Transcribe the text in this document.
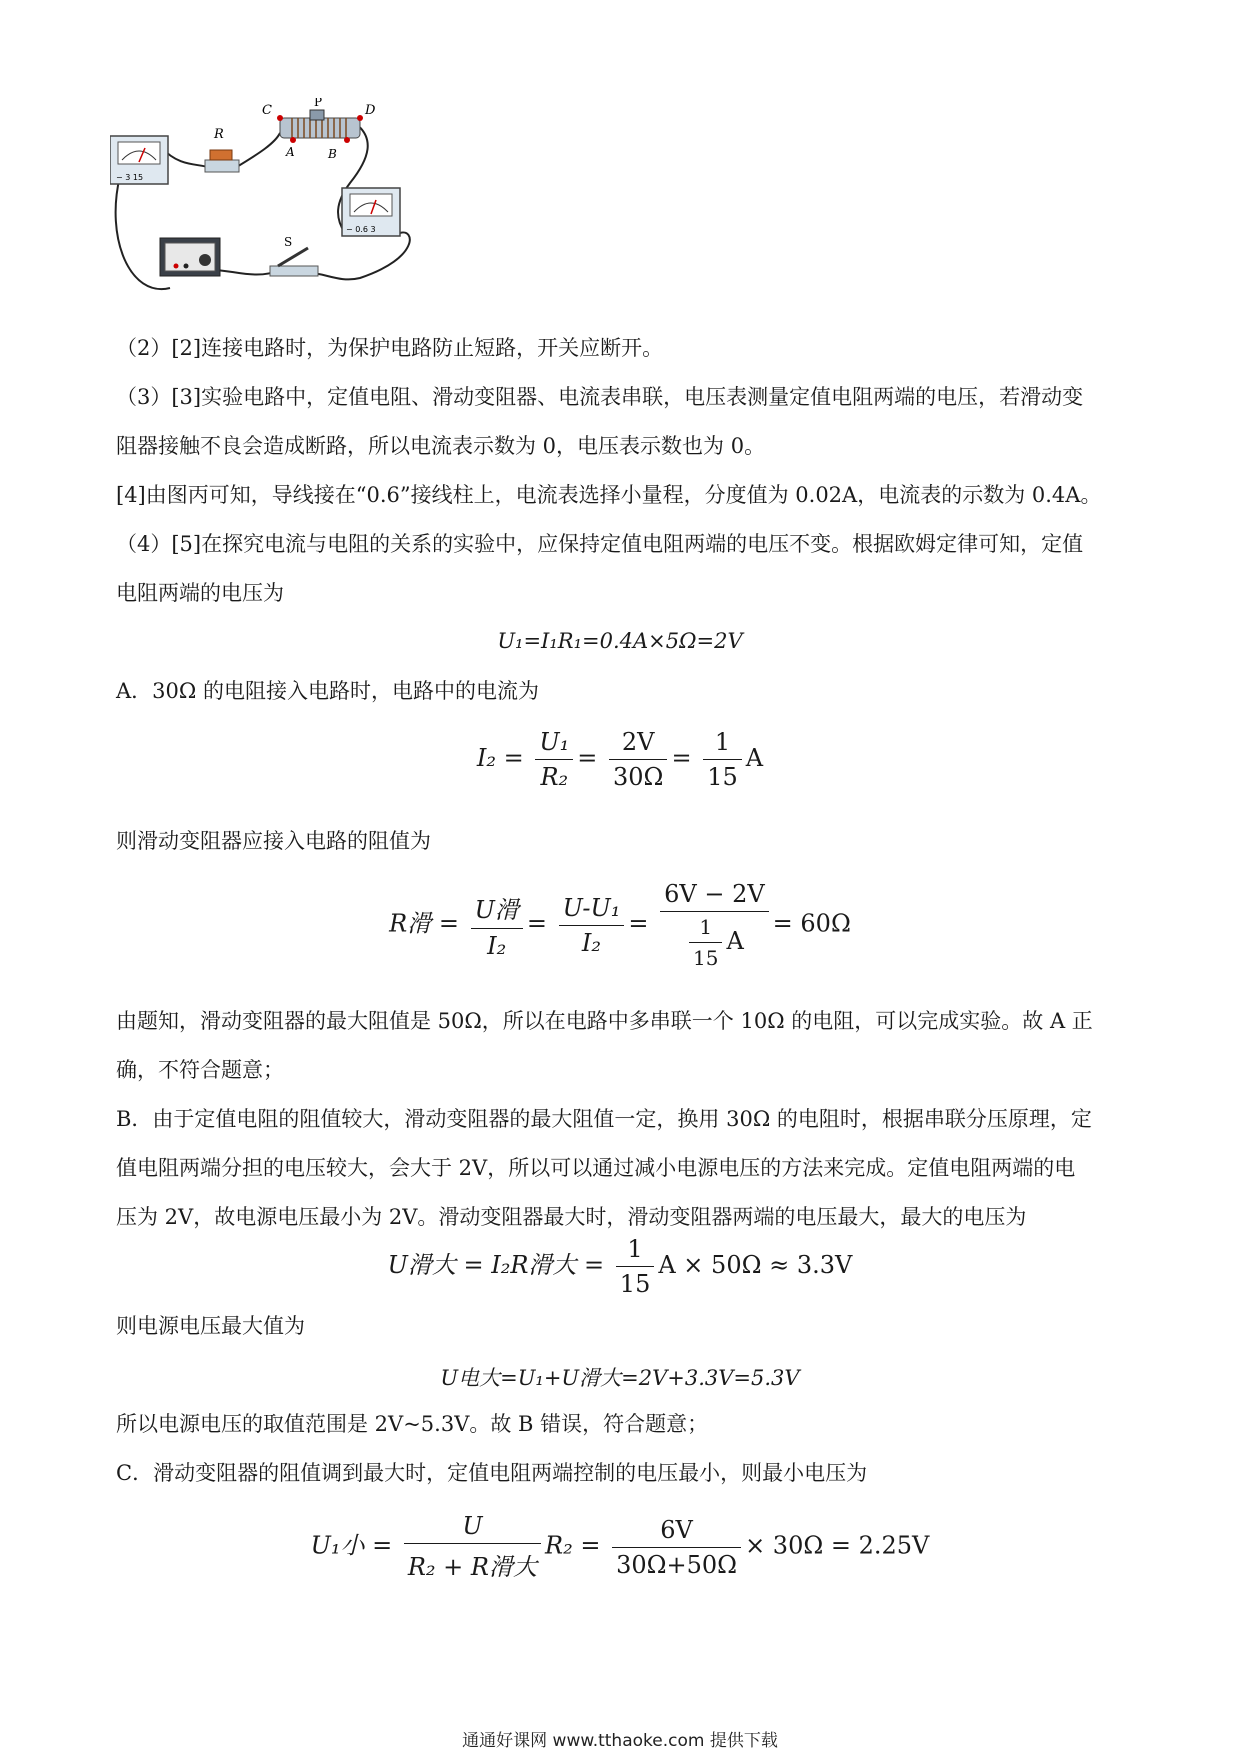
− 3 15
R
C
P
D
A	B
− 0.6 3
S
（2）[2]连接电路时，为保护电路防止短路，开关应断开。
（3）[3]实验电路中，定值电阻、滑动变阻器、电流表串联，电压表测量定值电阻两端的电压，若滑动变
阻器接触不良会造成断路，所以电流表示数为 0，电压表示数也为 0。
[4]由图丙可知，导线接在“0.6”接线柱上，电流表选择小量程，分度值为 0.02A，电流表的示数为 0.4A。
（4）[5]在探究电流与电阻的关系的实验中，应保持定值电阻两端的电压不变。根据欧姆定律可知，定值
电阻两端的电压为
U₁=I₁R₁=0.4A×5Ω=2V
A．30Ω 的电阻接入电路时，电路中的电流为
$I_2 = \frac{\text{U₁}}{\text{R₂}} = \frac{2V}{30\Omega} = \frac{1}{15}$ A
则滑动变阻器应接入电路的阻值为
R滑 = $\frac{\text{U滑}}{\text{I₂}} = \frac{\text{U-U₁}}{\text{I₂}} = \frac{6V - 2V}{\frac{1}{15} A} = 60\Omega$
由题知，滑动变阻器的最大阻值是 50Ω，所以在电路中多串联一个 10Ω 的电阻，可以完成实验。故 A 正
确，不符合题意；
B．由于定值电阻的阻值较大，滑动变阻器的最大阻值一定，换用 30Ω 的电阻时，根据串联分压原理，定
值电阻两端分担的电压较大，会大于 2V，所以可以通过减小电源电压的方法来完成。定值电阻两端的电
压为 2V，故电源电压最小为 2V。滑动变阻器最大时，滑动变阻器两端的电压最大，最大的电压为
U滑大 = I₂R滑大 = $\frac{1}{15}$ A × 50Ω ≈ 3.3V
则电源电压最大值为
U电大=U₁+U滑大=2V+3.3V=5.3V
所以电源电压的取值范围是 2V~5.3V。故 B 错误，符合题意；
C．滑动变阻器的阻值调到最大时，定值电阻两端控制的电压最小，则最小电压为
U₁小 = $\frac{U}{\text{R₂ + R滑大}} R_2 = \frac{6V}{30\Omega+50\Omega} \times 30\Omega = 2.25V$
通通好课网 www.tthaoke.com 提供下载
